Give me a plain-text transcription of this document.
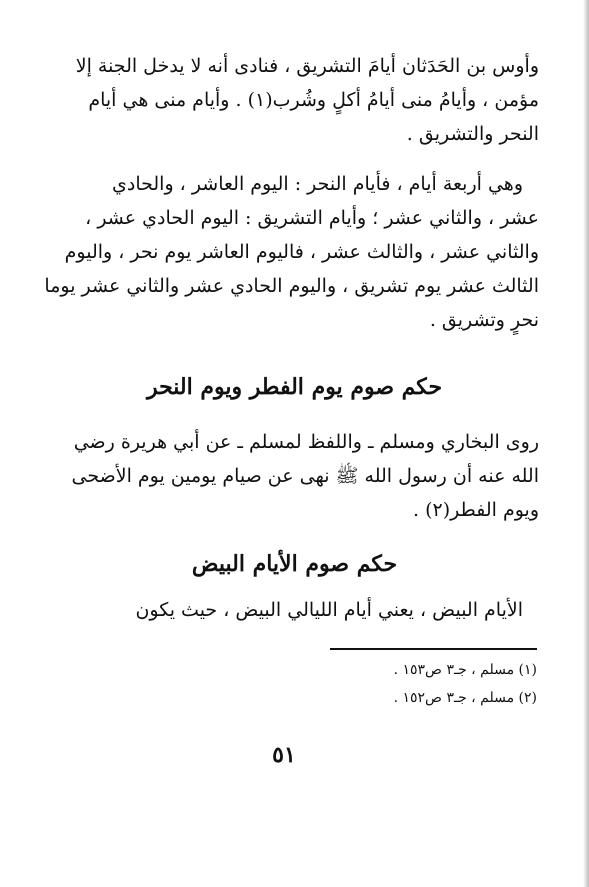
وأوس بن الحَدَثان أيامَ التشريق ، فنادى أنه لا يدخل الجنة إلا
مؤمن ، وأيامُ منى أيامُ أكلٍ وشُرب(١) . وأيام منى هي أيام
النحر والتشريق .
وهي أربعة أيام ، فأيام النحر : اليوم العاشر ، والحادي
عشر ، والثاني عشر ؛ وأيام التشريق : اليوم الحادي عشر ،
والثاني عشر ، والثالث عشر ، فاليوم العاشر يوم نحر ، واليوم
الثالث عشر يوم تشريق ، واليوم الحادي عشر والثاني عشر يوما
نحرٍ وتشريق .
حكم صوم يوم الفطر ويوم النحر
روى البخاري ومسلم ـ واللفظ لمسلم ـ عن أبي هريرة رضي
الله عنه أن رسول الله ﷺ نهى عن صيام يومين يوم الأضحى
ويوم الفطر(٢) .
حكم صوم الأيام البيض
الأيام البيض ، يعني أيام الليالي البيض ، حيث يكون
(١) مسلم ، جـ٣ ص١٥٣ .
(٢) مسلم ، جـ٣ ص١٥٢ .
٥١
